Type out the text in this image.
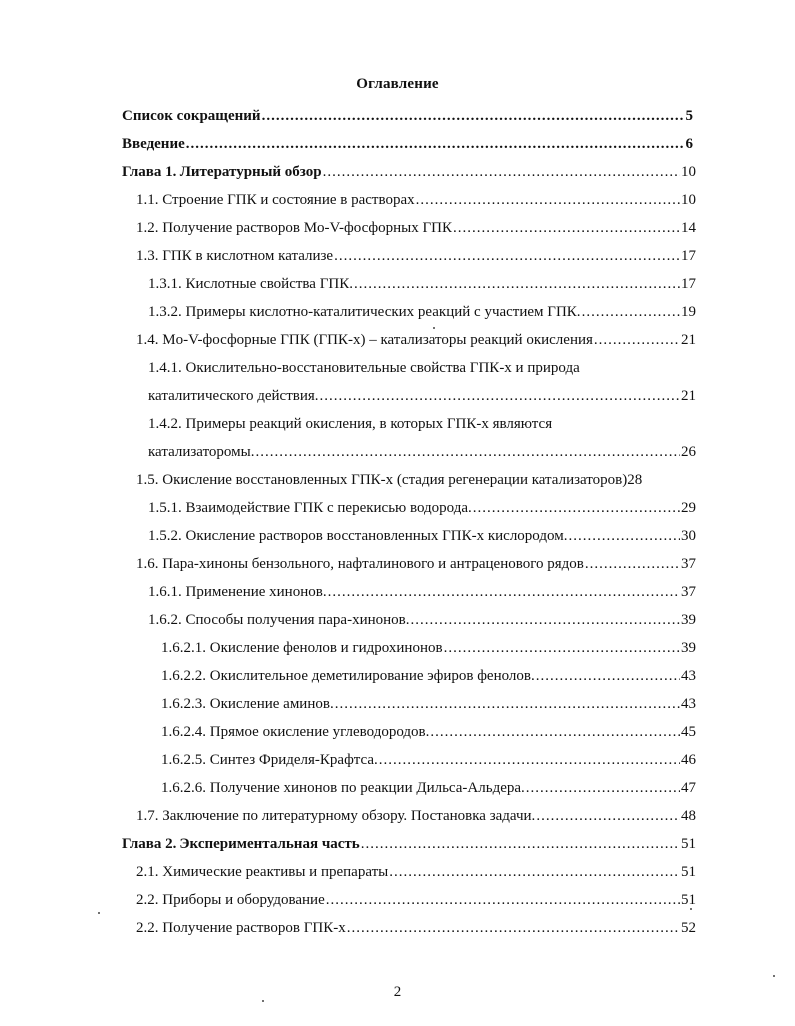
Оглавление
Список сокращений .....	5
Введение .....	6
Глава 1. Литературный обзор .....	10
1.1. Строение ГПК и состояние в растворах .....	10
1.2. Получение растворов Mo-V-фосфорных ГПК .....	14
1.3. ГПК в кислотном катализе .....	17
1.3.1. Кислотные свойства ГПК. .....	17
1.3.2. Примеры кислотно-каталитических реакций с участием ГПК. .....	19
1.4. Mo-V-фосфорные ГПК (ГПК-x) – катализаторы реакций окисления .....	21
1.4.1. Окислительно-восстановительные свойства ГПК-x и природа
каталитического действия. .....	21
1.4.2. Примеры реакций окисления, в которых ГПК-x являются
катализаторомы. .....	26
1.5. Окисление восстановленных ГПК-x (стадия регенерации катализаторов) 28
1.5.1. Взаимодействие ГПК с перекисью водорода. .....	29
1.5.2. Окисление растворов восстановленных ГПК-x кислородом. .....	30
1.6. Пара-хиноны бензольного, нафталинового и антраценового рядов .....	37
1.6.1. Применение хинонов. .....	37
1.6.2. Способы получения пара-хинонов. .....	39
1.6.2.1. Окисление фенолов и гидрохинонов .....	39
1.6.2.2. Окислительное деметилирование эфиров фенолов. .....	43
1.6.2.3. Окисление аминов. .....	43
1.6.2.4. Прямое окисление углеводородов. .....	45
1.6.2.5. Синтез Фриделя-Крафтса. .....	46
1.6.2.6. Получение хинонов по реакции Дильса-Альдера. .....	47
1.7. Заключение по литературному обзору. Постановка задачи. .....	48
Глава 2. Экспериментальная часть .....	51
2.1. Химические реактивы и препараты .....	51
2.2. Приборы и оборудование .....	51
2.2. Получение растворов ГПК-x .....	52
2
